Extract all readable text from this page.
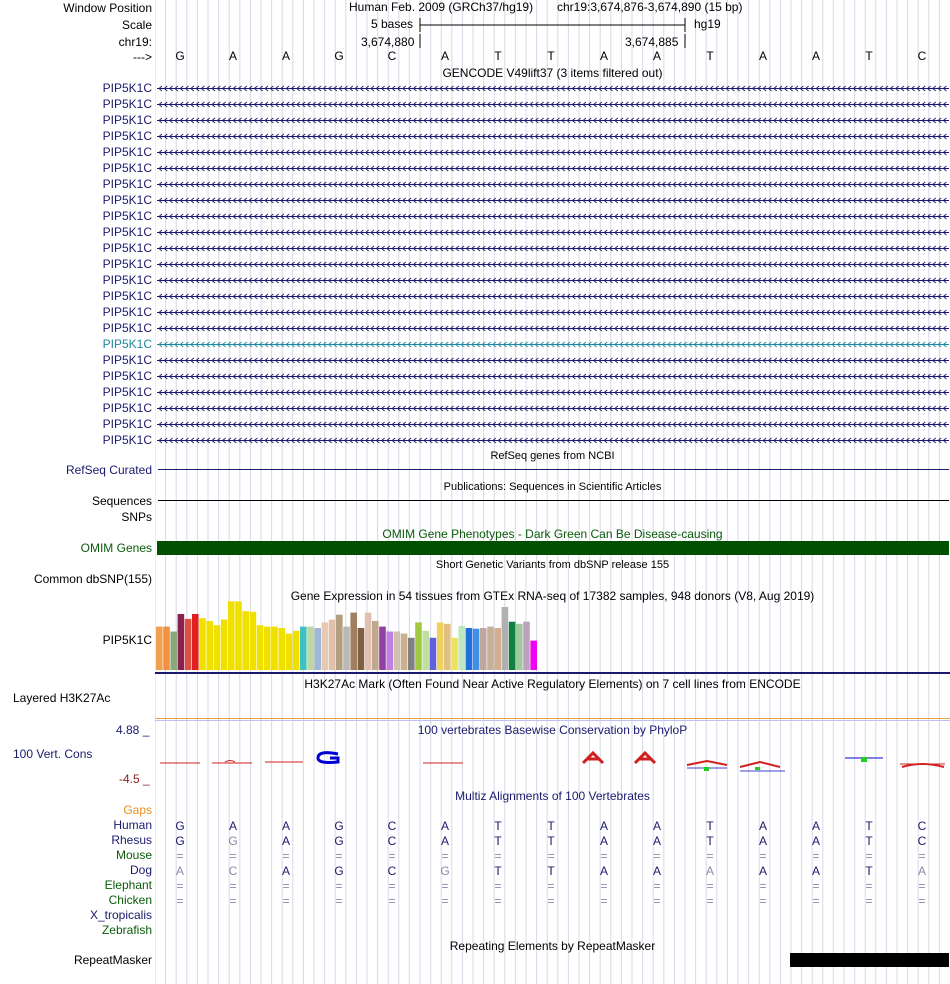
Window Position
Scale
chr19:
--->
Human Feb. 2009 (GRCh37/hg19) chr19:3,674,876-3,674,890 (15 bp)
5 bases	hg19
3,674,880	3,674,885
G	A	A	G	C	A	T	T	A	A	T	A	A	T	C
GENCODE V49lift37 (3 items filtered out)
PIP5K1C
PIP5K1C
PIP5K1C
PIP5K1C
PIP5K1C
PIP5K1C
PIP5K1C
PIP5K1C
PIP5K1C
PIP5K1C
PIP5K1C
PIP5K1C
PIP5K1C
PIP5K1C
PIP5K1C
PIP5K1C
PIP5K1C
PIP5K1C
PIP5K1C
PIP5K1C
PIP5K1C
PIP5K1C
PIP5K1C
RefSeq Curated
RefSeq genes from NCBI
Publications: Sequences in Scientific Articles
Sequences
SNPs
OMIM Gene Phenotypes - Dark Green Can Be Disease-causing
OMIM Genes
Short Genetic Variants from dbSNP release 155
Common dbSNP(155)
Gene Expression in 54 tissues from GTEx RNA-seq of 17382 samples, 948 donors (V8, Aug 2019)
PIP5K1C
H3K27Ac Mark (Often Found Near Active Regulatory Elements) on 7 cell lines from ENCODE
Layered H3K27Ac
100 vertebrates Basewise Conservation by PhyloP
4.88 _
100 Vert. Cons
-4.5 _
Gaps
Multiz Alignments of 100 Vertebrates
Human	G	A	A	G	C	A	T	T	A	A	T	A	A	T	C
Rhesus	G	G	A	G	C	A	T	T	A	A	T	A	A	T	C
Mouse	=	=	=	=	=	=	=	=	=	=	=	=	=	=	=
Dog	A	C	A	G	C	G	T	T	A	A	A	A	A	T	A
Elephant	=	=	=	=	=	=	=	=	=	=	=	=	=	=	=
Chicken	=	=	=	=	=	=	=	=	=	=	=	=	=	=	=
X_tropicalis
Zebrafish
Repeating Elements by RepeatMasker
RepeatMasker
